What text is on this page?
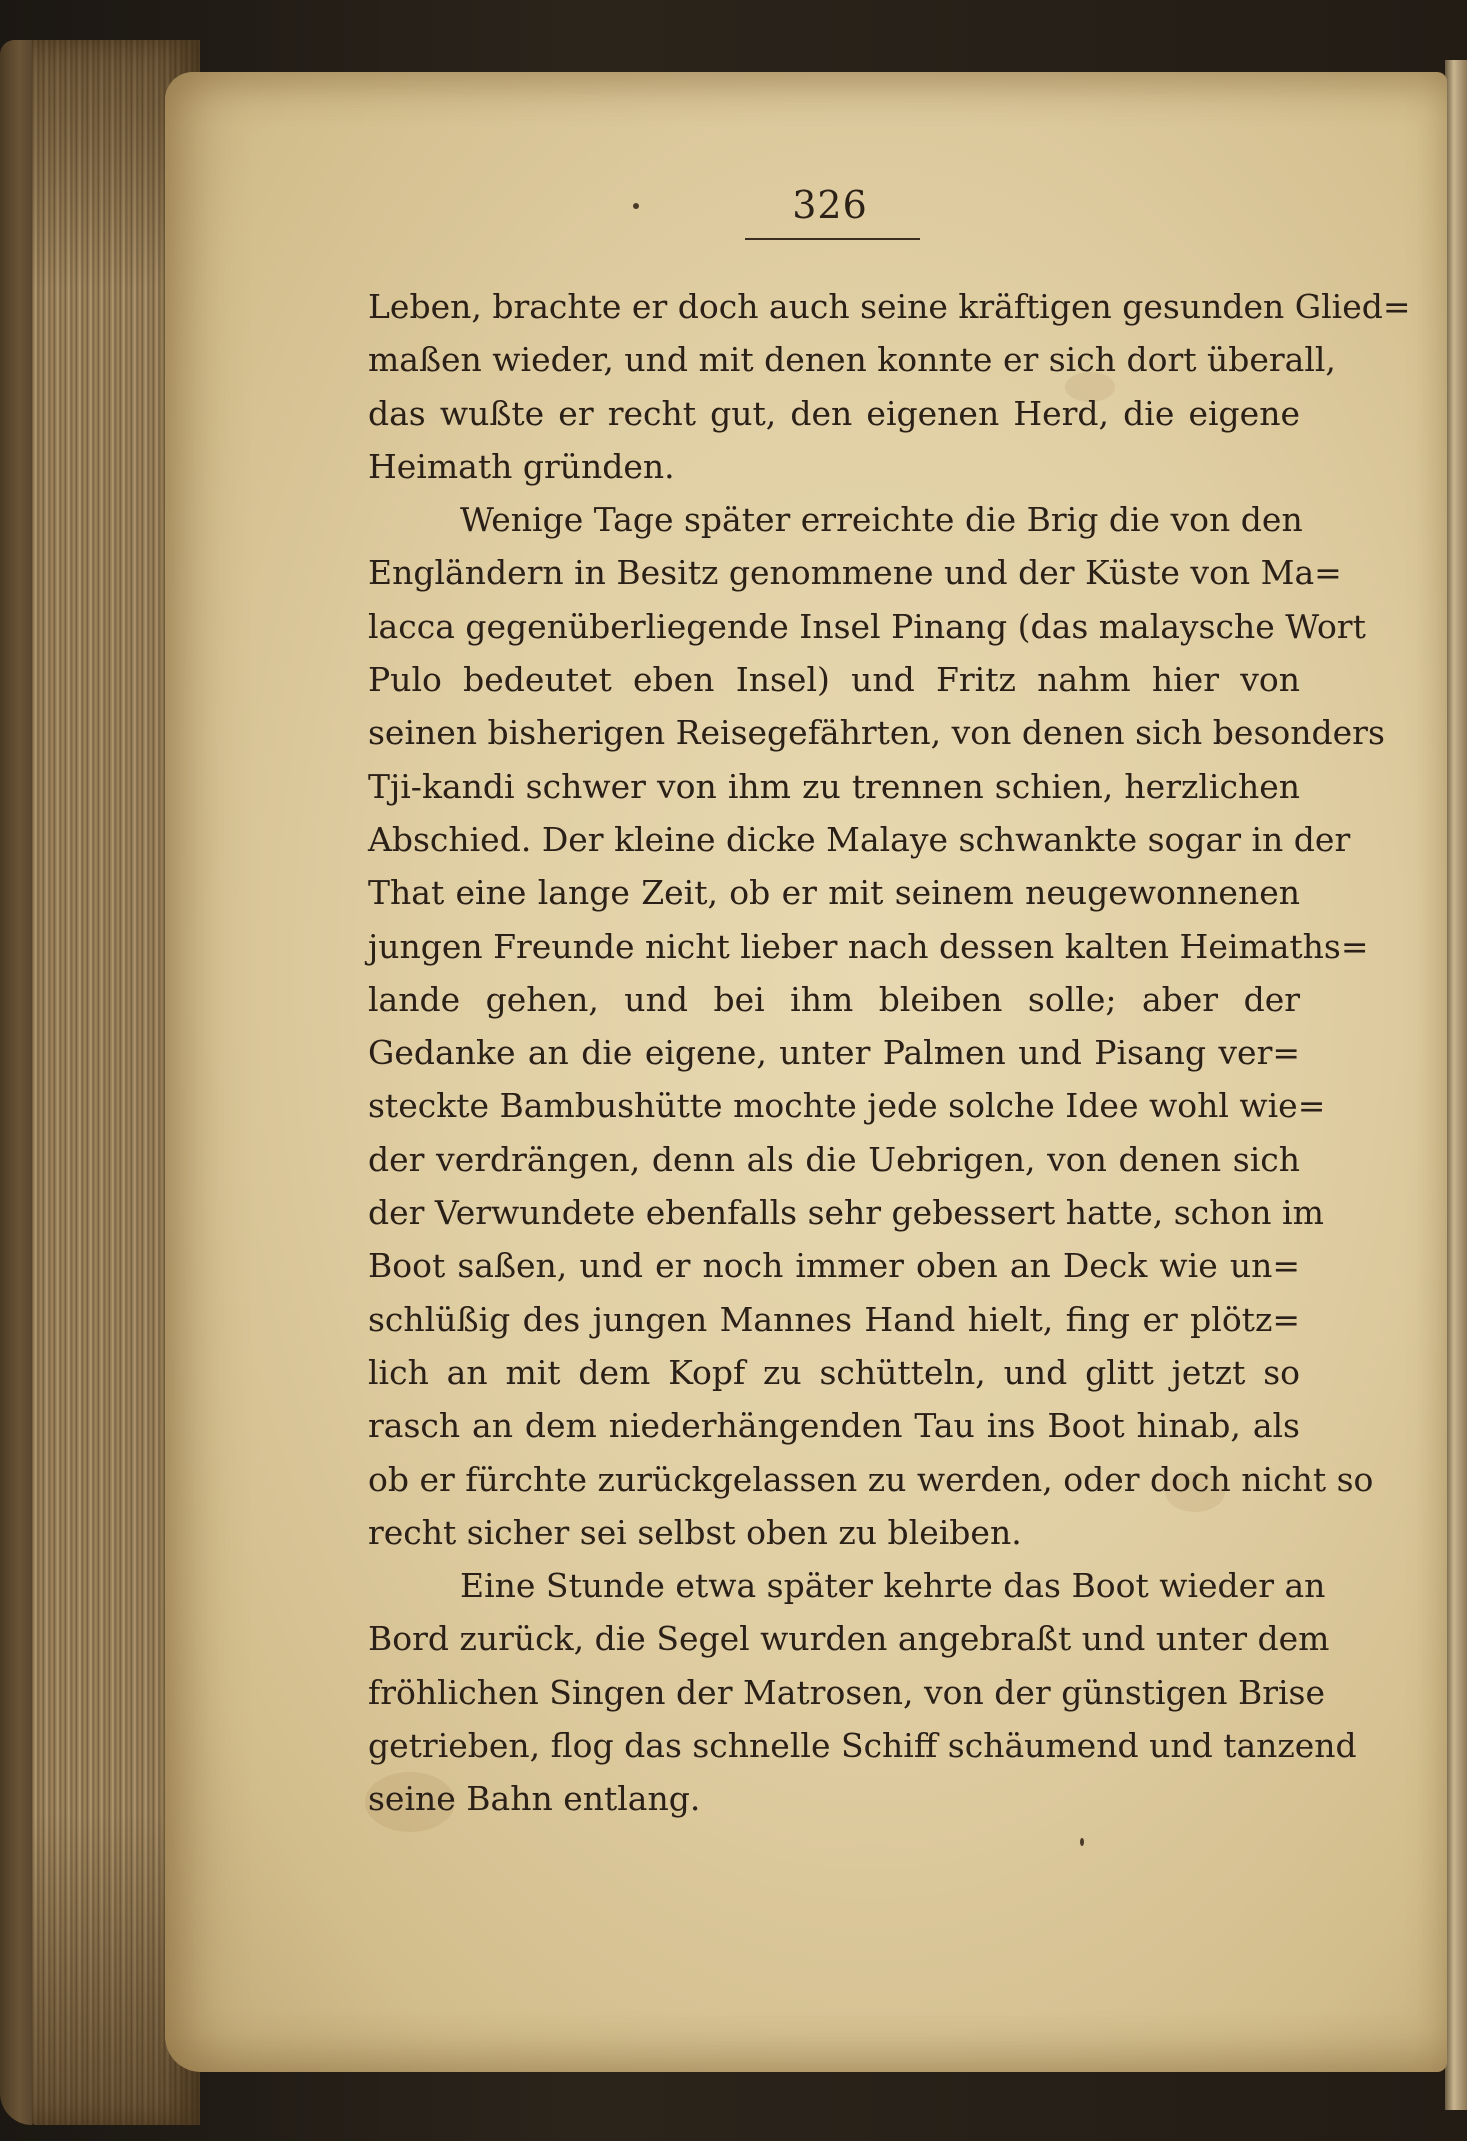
326
Leben, brachte er doch auch seine kräftigen gesunden Glied=
maßen wieder, und mit denen konnte er sich dort überall,
das wußte er recht gut, den eigenen Herd, die eigene
Heimath gründen.
Wenige Tage später erreichte die Brig die von den
Engländern in Besitz genommene und der Küste von Ma=
lacca gegenüberliegende Insel Pinang (das malaysche Wort
Pulo bedeutet eben Insel) und Fritz nahm hier von
seinen bisherigen Reisegefährten, von denen sich besonders
Tji-kandi schwer von ihm zu trennen schien, herzlichen
Abschied. Der kleine dicke Malaye schwankte sogar in der
That eine lange Zeit, ob er mit seinem neugewonnenen
jungen Freunde nicht lieber nach dessen kalten Heimaths=
lande gehen, und bei ihm bleiben solle; aber der
Gedanke an die eigene, unter Palmen und Pisang ver=
steckte Bambushütte mochte jede solche Idee wohl wie=
der verdrängen, denn als die Uebrigen, von denen sich
der Verwundete ebenfalls sehr gebessert hatte, schon im
Boot saßen, und er noch immer oben an Deck wie un=
schlüßig des jungen Mannes Hand hielt, fing er plötz=
lich an mit dem Kopf zu schütteln, und glitt jetzt so
rasch an dem niederhängenden Tau ins Boot hinab, als
ob er fürchte zurückgelassen zu werden, oder doch nicht so
recht sicher sei selbst oben zu bleiben.
Eine Stunde etwa später kehrte das Boot wieder an
Bord zurück, die Segel wurden angebraßt und unter dem
fröhlichen Singen der Matrosen, von der günstigen Brise
getrieben, flog das schnelle Schiff schäumend und tanzend
seine Bahn entlang.
